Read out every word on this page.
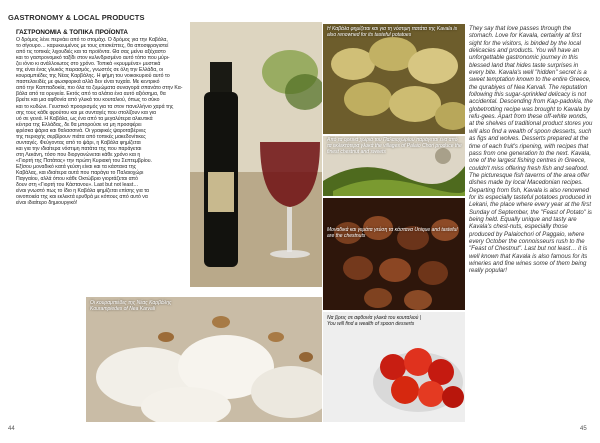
GASTRONOMY & LOCAL PRODUCTS
ΓΑΣΤΡΟΝΟΜΙΑ & ΤΟΠΙΚΑ ΠΡΟΪΟΝΤΑ
Ο δρόμος λένε περνάει από το στομάχι. Ο δρόμος για την Καβάλα,
το σίγουρο… καρυκευμένος με τους επισκέπτες, θα αποσφραγιστεί
από τις τοπικές λιχουδιές και τα προϊόντα. Θα σας μείνει αξέχαστο
και το γαστρονομικό ταξίδι στον κυλινδρισμένο αυτό τόπο που μύρι-
ζει ιόνιο κι ανάλλοιωτος στο χρόνο. Τοπικά «κρυμμένα» μυστικά
της είναι ένας γλυκός πειρασμός, γνωστός σε όλη την Ελλάδα, οι
κουραμπιέδες της Νέας Καρβάλης. Η φήμη του νοικοκυριού αυτό το
παστελοειδές με φωσφορικά αλλά δεν είναι τυχαία. Με κεντρικό
από την Καππαδοκία, πιο όλα τα ζυμώματα συναγορά σπανάτο στην Κα-
βάλα από τα ορυγεία. Εκτός από τα αλάτια ένα αυτό αξιόσημα, θα
βρείτε και μια αφθονία από γλυκά του κουταλιού, όπως το σύκο
και το κυδώνι. Γευστικό προορισμός για τα στον πανελλήνιο χαρά της
σης τους κάθε φρούτου και με συνταγές που στολίζουν και για
υό σε γενιά. Η Καβάλα, ως ένα από τα μεγαλύτερα αλιευτικά
κέντρα της Ελλάδας, δε θα μπορούσε να μη προσφέρει
φρέσκα ψάρια και θαλασσινά. Οι γραφικές ψαροταβέρνες
της περιοχής σερβίρουν πιάτα από τοπικές μακεδονίτικες
συνταγές. Φεύγοντας από το ψάρι, η Καβάλα φημίζεται
και για την ιδιαίτερα νόστιμη πατάτα της που παράγεται
στη Λεκάνη, τόσο που διοργανώνεται κάθε χρόνο και η
«Γιορτή της Πατάτας» την πρώτη Κυριακή του Σεπτεμβρίου.
Εξίσου μοναδικό κατά γεύση είναι και τα κάστανα της
Καβάλας, και ιδιαίτερα αυτά που παράγει το Παλαιοχώρι
Παγγαίου, αλλά όπου κάθε Οκτώβριο γιορτάζεται από
δουν στη «Γιορτή του Κάστανου». Last but not least…
είναι γνωστό πως το ίδιο η Καβάλα φημίζεται επίσης για τα
οινοποιεία της και εκλεκτά ερυθρά με κόπους από αυτό να
είναι ιδιαίτερο δημιουργικό!
Η Καβάλα φημίζεται και για τη νόστιμη πατάτα της Kavala is also renowned for its tasteful potatoes
Από τα ορεινά χωριά του Παλαιοχωρίου παράγεται ένα από τα εκλεκτότερα γλυκά the villages of Palaio Chori produce the finest chestnut and sweets
Μοναδικά και γεμάτα γεύση τα κάστανα Unique and tasteful are the chestnuts
Να βρεις σε αφθονία γλυκά του κουταλιού | You will find a wealth of spoon desserts
Οι κουραμπιέδες της Νέας Καρβάλης Kourampiedes of Nea Karvali
They say that love passes through the stomach. Love for Kavala, certainly at first sight for the visitors, is binded by the local delicacies and products. You will have an unforgettable gastronomic journey in this blessed land that hides taste surprises in every bite. Kavala's well "hidden" secret is a sweet temptation known to the entire Greece, the qurabiyes of Nea Karvali. The reputation following this sugar-sprinkled delicacy is not accidental. Descending from Kap-padokia, the globetrotting recipe was brought to Kavala by refu-gees. Apart from these off-white wonds, at the shelves of traditional product stores you will also find a wealth of spoon desserts, such as figs and wolves. Desserts prepared at the time of each fruit's ripening, with recipes that pass from one generation to the next. Kavala, one of the largest fishing centres in Greece, couldn't miss offering fresh fish and seafood. The picturesque fish taverns of the area offer dishes made by local Macedonian recipes. Departing from fish, Kavala is also renowned for its especially tasteful potatoes produced in Lekani, the place where every year at the first Sunday of September, the "Feast of Potato" is being held. Equally unique and tasty are Kavala's chest-nuts, especially those produced by Palaiochori of Paggaio, where every October the connoisseurs rush to the "Feast of Chestnut". Last but not least… it is well known that Kavala is also famous for its wineries and fine wines some of them being really popular!
44	45
